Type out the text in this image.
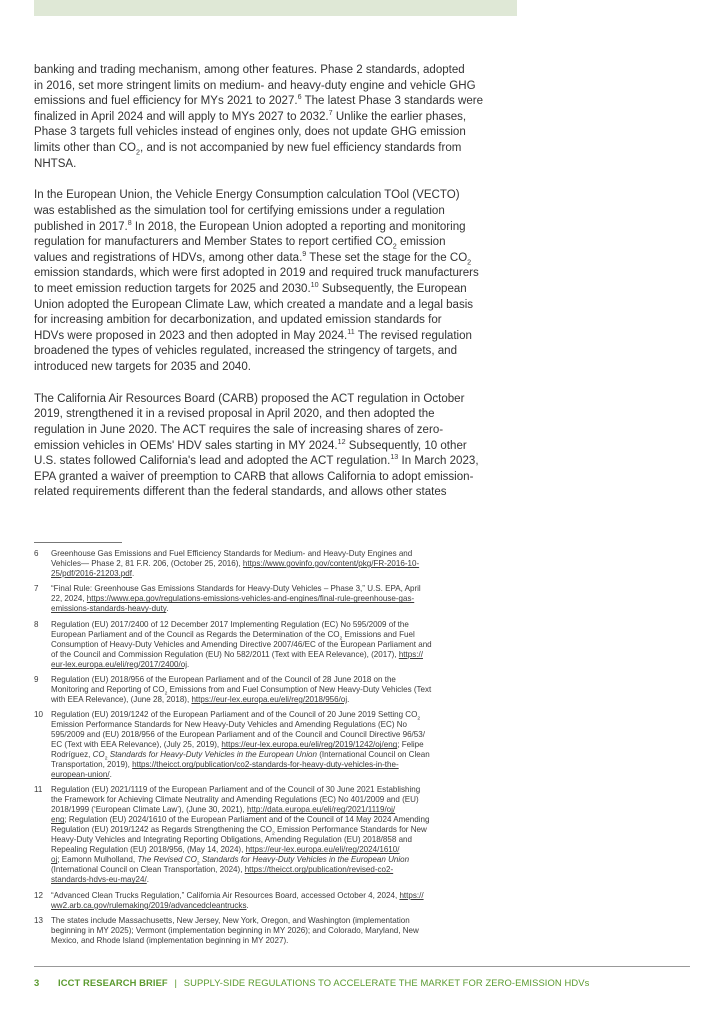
banking and trading mechanism, among other features. Phase 2 standards, adopted
in 2016, set more stringent limits on medium- and heavy-duty engine and vehicle GHG
emissions and fuel efficiency for MYs 2021 to 2027.$^6$ The latest Phase 3 standards were
finalized in April 2024 and will apply to MYs 2027 to 2032.$^7$ Unlike the earlier phases,
Phase 3 targets full vehicles instead of engines only, does not update GHG emission
limits other than $CO_2$, and is not accompanied by new fuel efficiency standards from
NHTSA.

In the European Union, the Vehicle Energy Consumption calculation TOol (VECTO)
was established as the simulation tool for certifying emissions under a regulation
published in 2017.$^8$ In 2018, the European Union adopted a reporting and monitoring
regulation for manufacturers and Member States to report certified $CO_2$ emission
values and registrations of HDVs, among other data.$^9$ These set the stage for the $CO_2$
emission standards, which were first adopted in 2019 and required truck manufacturers
to meet emission reduction targets for 2025 and 2030.10 Subsequently, the European
Union adopted the European Climate Law, which created a mandate and a legal basis
for increasing ambition for decarbonization, and updated emission standards for
HDVs were proposed in 2023 and then adopted in May 2024.11 The revised regulation
broadened the types of vehicles regulated, increased the stringency of targets, and
introduced new targets for 2035 and 2040.

The California Air Resources Board (CARB) proposed the ACT regulation in October
2019, strengthened it in a revised proposal in April 2020, and then adopted the
regulation in June 2020. The ACT requires the sale of increasing shares of zero-
emission vehicles in OEMs' HDV sales starting in MY 2024.12 Subsequently, 10 other
U.S. states followed California's lead and adopted the ACT regulation.$^{13}$ In March 2023,
EPA granted a waiver of preemption to CARB that allows California to adopt emission-
related requirements different than the federal standards, and allows other states

6	Greenhouse Gas Emissions and Fuel Efficiency Standards for Medium- and Heavy-Duty Engines and
Vehicles— Phase 2, 81 F.R. 206, (October 25, 2016), https://www.govinfo.gov/content/pkg/FR-2016-10-
25/pdf/2016-21203.pdf.
7	“Final Rule: Greenhouse Gas Emissions Standards for Heavy-Duty Vehicles – Phase 3,” U.S. EPA, April
22, 2024, https://www.epa.gov/regulations-emissions-vehicles-and-engines/final-rule-greenhouse-gas-
emissions-standards-heavy-duty.
8	Regulation (EU) 2017/2400 of 12 December 2017 Implementing Regulation (EC) No 595/2009 of the
European Parliament and of the Council as Regards the Determination of the $CO_2$ Emissions and Fuel
Consumption of Heavy-Duty Vehicles and Amending Directive 2007/46/EC of the European Parliament and
of the Council and Commission Regulation (EU) No 582/2011 (Text with EEA Relevance), (2017), https://
eur-lex.europa.eu/eli/reg/2017/2400/oj.
9	Regulation (EU) 2018/956 of the European Parliament and of the Council of 28 June 2018 on the
Monitoring and Reporting of $CO_2$ Emissions from and Fuel Consumption of New Heavy-Duty Vehicles (Text
with EEA Relevance), (June 28, 2018), https://eur-lex.europa.eu/eli/reg/2018/956/oj.
10 Regulation (EU) 2019/1242 of the European Parliament and of the Council of 20 June 2019 Setting $CO_2$
Emission Performance Standards for New Heavy-Duty Vehicles and Amending Regulations (EC) No
595/2009 and (EU) 2018/956 of the European Parliament and of the Council and Council Directive 96/53/
EC (Text with EEA Relevance), (July 25, 2019), https://eur-lex.europa.eu/eli/reg/2019/1242/oj/eng; Felipe
Rodríguez, $CO_2$ Standards for Heavy-Duty Vehicles in the European Union (International Council on Clean
Transportation, 2019), https://theicct.org/publication/co2-standards-for-heavy-duty-vehicles-in-the-
european-union/.
11	Regulation (EU) 2021/1119 of the European Parliament and of the Council of 30 June 2021 Establishing
the Framework for Achieving Climate Neutrality and Amending Regulations (EC) No 401/2009 and (EU)
2018/1999 (‘European Climate Law’), (June 30, 2021), http://data.europa.eu/eli/reg/2021/1119/oj/
eng; Regulation (EU) 2024/1610 of the European Parliament and of the Council of 14 May 2024 Amending
Regulation (EU) 2019/1242 as Regards Strengthening the $CO_2$ Emission Performance Standards for New
Heavy-Duty Vehicles and Integrating Reporting Obligations, Amending Regulation (EU) 2018/858 and
Repealing Regulation (EU) 2018/956, (May 14, 2024), https://eur-lex.europa.eu/eli/reg/2024/1610/
oj; Eamonn Mulholland, The Revised $CO_2$ Standards for Heavy-Duty Vehicles in the European Union
(International Council on Clean Transportation, 2024), https://theicct.org/publication/revised-co2-
standards-hdvs-eu-may24/.
12 “Advanced Clean Trucks Regulation,” California Air Resources Board, accessed October 4, 2024, https://
ww2.arb.ca.gov/rulemaking/2019/advancedcleantrucks.
13 The states include Massachusetts, New Jersey, New York, Oregon, and Washington (implementation
beginning in MY 2025); Vermont (implementation beginning in MY 2026); and Colorado, Maryland, New
Mexico, and Rhode Island (implementation beginning in MY 2027).
3 ICCT RESEARCH BRIEF | SUPPLY-SIDE REGULATIONS TO ACCELERATE THE MARKET FOR ZERO-EMISSION HDVs
